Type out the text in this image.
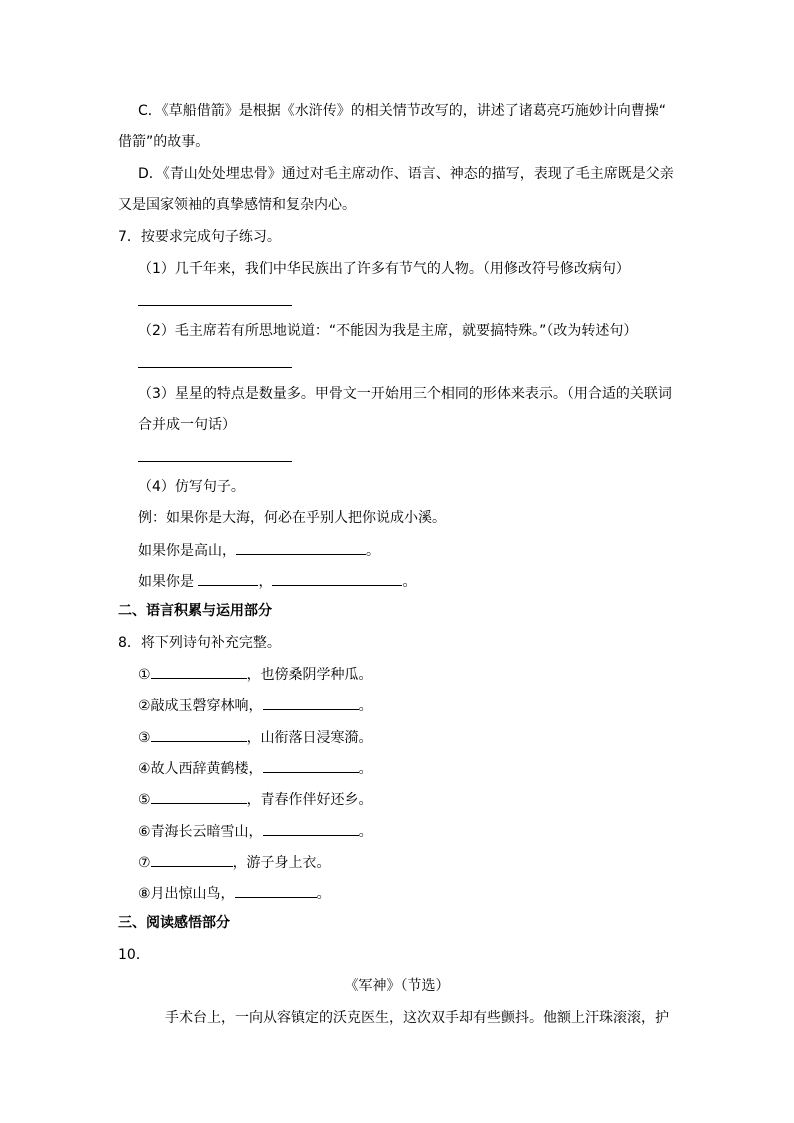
C．《草船借箭》是根据《水浒传》的相关情节改写的，讲述了诸葛亮巧施妙计向曹操“
借箭”的故事。
D．《青山处处埋忠骨》通过对毛主席动作、语言、神态的描写，表现了毛主席既是父亲
又是国家领袖的真挚感情和复杂内心。
7．按要求完成句子练习。
（1）几千年来，我们中华民族出了许多有节气的人物。（用修改符号修改病句）
（2）毛主席若有所思地说道：“不能因为我是主席，就要搞特殊。”（改为转述句）
（3）星星的特点是数量多。甲骨文一开始用三个相同的形体来表示。（用合适的关联词
合并成一句话）
（4）仿写句子。
例：如果你是大海，何必在乎别人把你说成小溪。
如果你是高山，	。
如果你是	，	。
二、语言积累与运用部分
8．将下列诗句补充完整。
①	，也傍桑阴学种瓜。
②敲成玉磬穿林响，	。
③	，山衔落日浸寒漪。
④故人西辞黄鹤楼，	。
⑤	，青春作伴好还乡。
⑥青海长云暗雪山，	。
⑦	，游子身上衣。
⑧月出惊山鸟，	。
三、阅读感悟部分
10．
《军神》（节选）
手术台上，一向从容镇定的沃克医生，这次双手却有些颤抖。他额上汗珠滚滚，护
